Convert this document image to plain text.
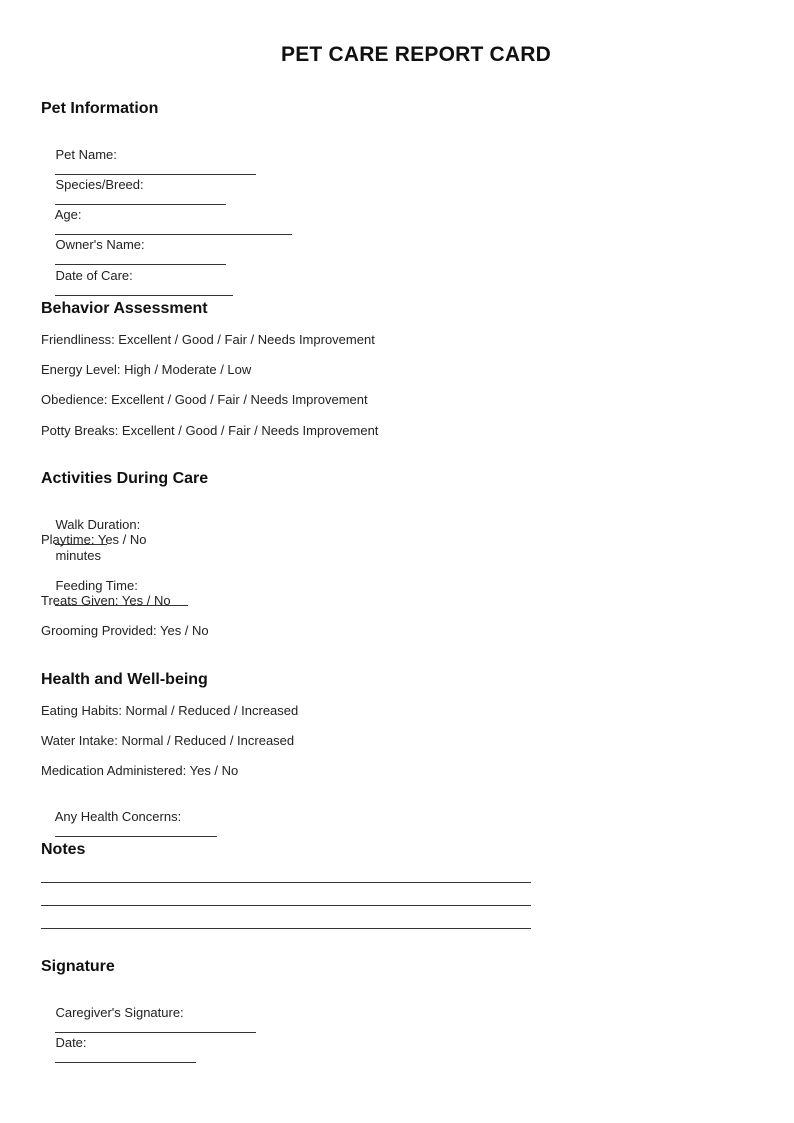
PET CARE REPORT CARD
Pet Information

Pet Name:

Species/Breed:

Age:

Owner's Name:

Date of Care:

Behavior Assessment
Friendliness: Excellent / Good / Fair / Needs Improvement
Energy Level: High / Moderate / Low
Obedience: Excellent / Good / Fair / Needs Improvement
Potty Breaks: Excellent / Good / Fair / Needs Improvement
Activities During Care

Walk Duration:

minutes

Playtime: Yes / No

Feeding Time:

Treats Given: Yes / No
Grooming Provided: Yes / No
Health and Well-being
Eating Habits: Normal / Reduced / Increased
Water Intake: Normal / Reduced / Increased
Medication Administered: Yes / No

Any Health Concerns:

Notes
Signature

Caregiver's Signature:

Date:
